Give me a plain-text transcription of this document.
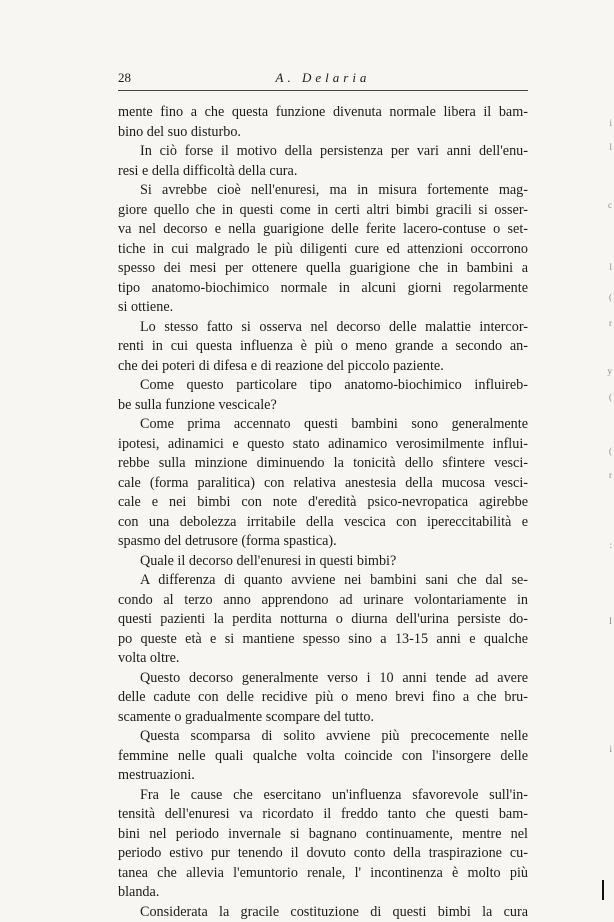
28	A. Delaria
mente fino a che questa funzione divenuta normale libera il bam-
bino del suo disturbo.
In ciò forse il motivo della persistenza per vari anni dell'enu-
resi e della difficoltà della cura.
Si avrebbe cioè nell'enuresi, ma in misura fortemente mag-
giore quello che in questi come in certi altri bimbi gracili si osser-
va nel decorso e nella guarigione delle ferite lacero-contuse o set-
tiche in cui malgrado le più diligenti cure ed attenzioni occorrono
spesso dei mesi per ottenere quella guarigione che in bambini a
tipo anatomo-biochimico normale in alcuni giorni regolarmente
si ottiene.
Lo stesso fatto si osserva nel decorso delle malattie intercor-
renti in cui questa influenza è più o meno grande a secondo an-
che dei poteri di difesa e di reazione del piccolo paziente.
Come questo particolare tipo anatomo-biochimico influireb-
be sulla funzione vescicale?
Come prima accennato questi bambini sono generalmente
ipotesi, adinamici e questo stato adinamico verosimilmente influi-
rebbe sulla minzione diminuendo la tonicità dello sfintere vesci-
cale (forma paralitica) con relativa anestesia della mucosa vesci-
cale e nei bimbi con note d'eredità psico-nevropatica agirebbe
con una debolezza irritabile della vescica con ipereccitabilità e
spasmo del detrusore (forma spastica).
Quale il decorso dell'enuresi in questi bimbi?
A differenza di quanto avviene nei bambini sani che dal se-
condo al terzo anno apprendono ad urinare volontariamente in
questi pazienti la perdita notturna o diurna dell'urina persiste do-
po queste età e si mantiene spesso sino a 13-15 anni e qualche
volta oltre.
Questo decorso generalmente verso i 10 anni tende ad avere
delle cadute con delle recidive più o meno brevi fino a che bru-
scamente o gradualmente scompare del tutto.
Questa scomparsa di solito avviene più precocemente nelle
femmine nelle quali qualche volta coincide con l'insorgere delle
mestruazioni.
Fra le cause che esercitano un'influenza sfavorevole sull'in-
tensità dell'enuresi va ricordato il freddo tanto che questi bam-
bini nel periodo invernale si bagnano continuamente, mentre nel
periodo estivo pur tenendo il dovuto conto della traspirazione cu-
tanea che allevia l'emuntorio renale, l' incontinenza è molto più
blanda.
Considerata la gracile costituzione di questi bimbi la cura
i
l
c
l
(
r
y
(
(
r
:
I
i
